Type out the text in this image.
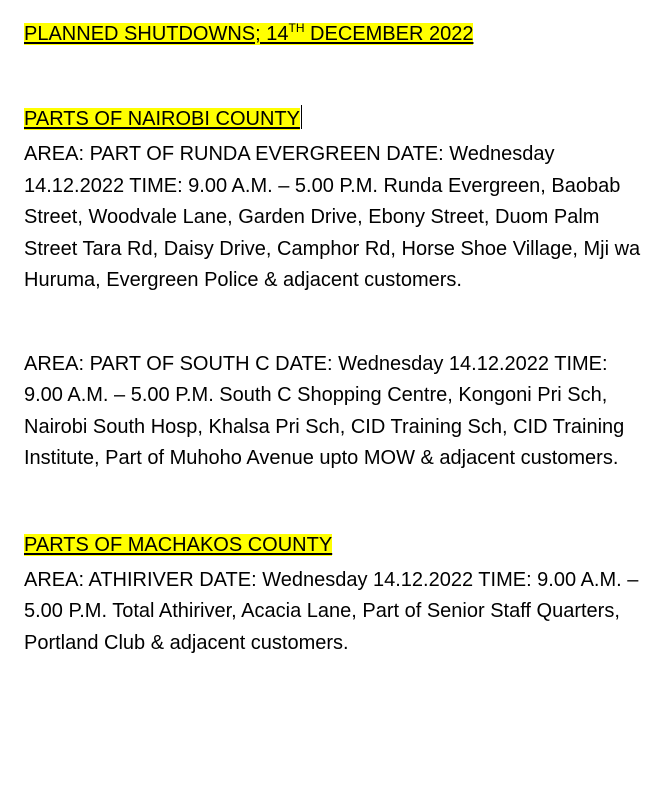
PLANNED SHUTDOWNS; 14TH DECEMBER 2022
PARTS OF NAIROBI COUNTY

AREA: PART OF RUNDA EVERGREEN DATE: Wednesday 14.12.2022 TIME: 9.00 A.M. – 5.00 P.M. Runda Evergreen, Baobab Street, Woodvale Lane, Garden Drive, Ebony Street, Duom Palm Street Tara Rd, Daisy Drive, Camphor Rd, Horse Shoe Village, Mji wa Huruma, Evergreen Police & adjacent customers.

AREA: PART OF SOUTH C DATE: Wednesday 14.12.2022 TIME: 9.00 A.M. – 5.00 P.M. South C Shopping Centre, Kongoni Pri Sch, Nairobi South Hosp, Khalsa Pri Sch, CID Training Sch, CID Training Institute, Part of Muhoho Avenue upto MOW & adjacent customers.

PARTS OF MACHAKOS COUNTY

AREA: ATHIRIVER DATE: Wednesday 14.12.2022 TIME: 9.00 A.M. – 5.00 P.M. Total Athiriver, Acacia Lane, Part of Senior Staff Quarters, Portland Club & adjacent customers.
